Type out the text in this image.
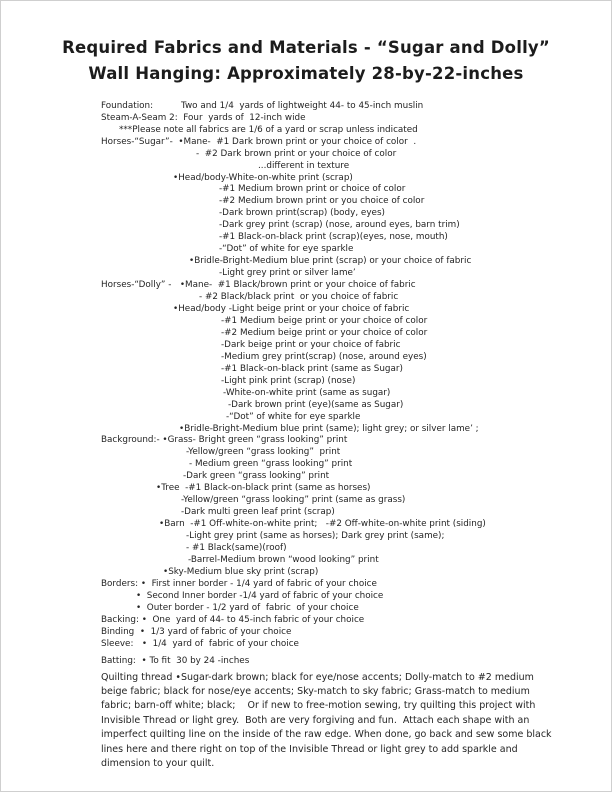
Required Fabrics and Materials - “Sugar and Dolly”
Wall Hanging: Approximately 28-by-22-inches
Foundation:          Two and 1/4  yards of lightweight 44- to 45-inch muslin
Steam-A-Seam 2:  Four  yards of  12-inch wide
***Please note all fabrics are 1/6 of a yard or scrap unless indicated
Horses-“Sugar”-  •Mane-  #1 Dark brown print or your choice of color  .
-  #2 Dark brown print or your choice of color
...different in texture
•Head/body-White-on-white print (scrap)
-#1 Medium brown print or choice of color
-#2 Medium brown print or you choice of color
-Dark brown print(scrap) (body, eyes)
-Dark grey print (scrap) (nose, around eyes, barn trim)
-#1 Black-on-black print (scrap)(eyes, nose, mouth)
-“Dot” of white for eye sparkle
•Bridle-Bright-Medium blue print (scrap) or your choice of fabric
-Light grey print or silver lame’
Horses-“Dolly” -   •Mane-  #1 Black/brown print or your choice of fabric
- #2 Black/black print  or you choice of fabric
•Head/body -Light beige print or your choice of fabric
-#1 Medium beige print or your choice of color
-#2 Medium beige print or your choice of color
-Dark beige print or your choice of fabric
-Medium grey print(scrap) (nose, around eyes)
-#1 Black-on-black print (same as Sugar)
-Light pink print (scrap) (nose)
-White-on-white print (same as sugar)
-Dark brown print (eye)(same as Sugar)
-“Dot” of white for eye sparkle
•Bridle-Bright-Medium blue print (same); light grey; or silver lame’ ;
Background:- •Grass- Bright green “grass looking” print
-Yellow/green “grass looking”  print
- Medium green “grass looking” print
-Dark green “grass looking” print
•Tree  -#1 Black-on-black print (same as horses)
-Yellow/green “grass looking” print (same as grass)
-Dark multi green leaf print (scrap)
•Barn  -#1 Off-white-on-white print;   -#2 Off-white-on-white print (siding)
-Light grey print (same as horses); Dark grey print (same);
- #1 Black(same)(roof)
-Barrel-Medium brown “wood looking” print
•Sky-Medium blue sky print (scrap)
Borders: •  First inner border - 1/4 yard of fabric of your choice
•  Second Inner border -1/4 yard of fabric of your choice
•  Outer border - 1/2 yard of  fabric  of your choice
Backing: •  One  yard of 44- to 45-inch fabric of your choice
Binding  •  1/3 yard of fabric of your choice
Sleeve:   •  1/4  yard of  fabric of your choice
Batting:  • To fit  30 by 24 -inches
Quilting thread •Sugar-dark brown; black for eye/nose accents; Dolly-match to #2 medium beige fabric; black for nose/eye accents; Sky-match to sky fabric; Grass-match to medium fabric; barn-off white; black;    Or if new to free-motion sewing, try quilting this project with Invisible Thread or light grey.  Both are very forgiving and fun.  Attach each shape with an imperfect quilting line on the inside of the raw edge. When done, go back and sew some black lines here and there right on top of the Invisible Thread or light grey to add sparkle and dimension to your quilt.
